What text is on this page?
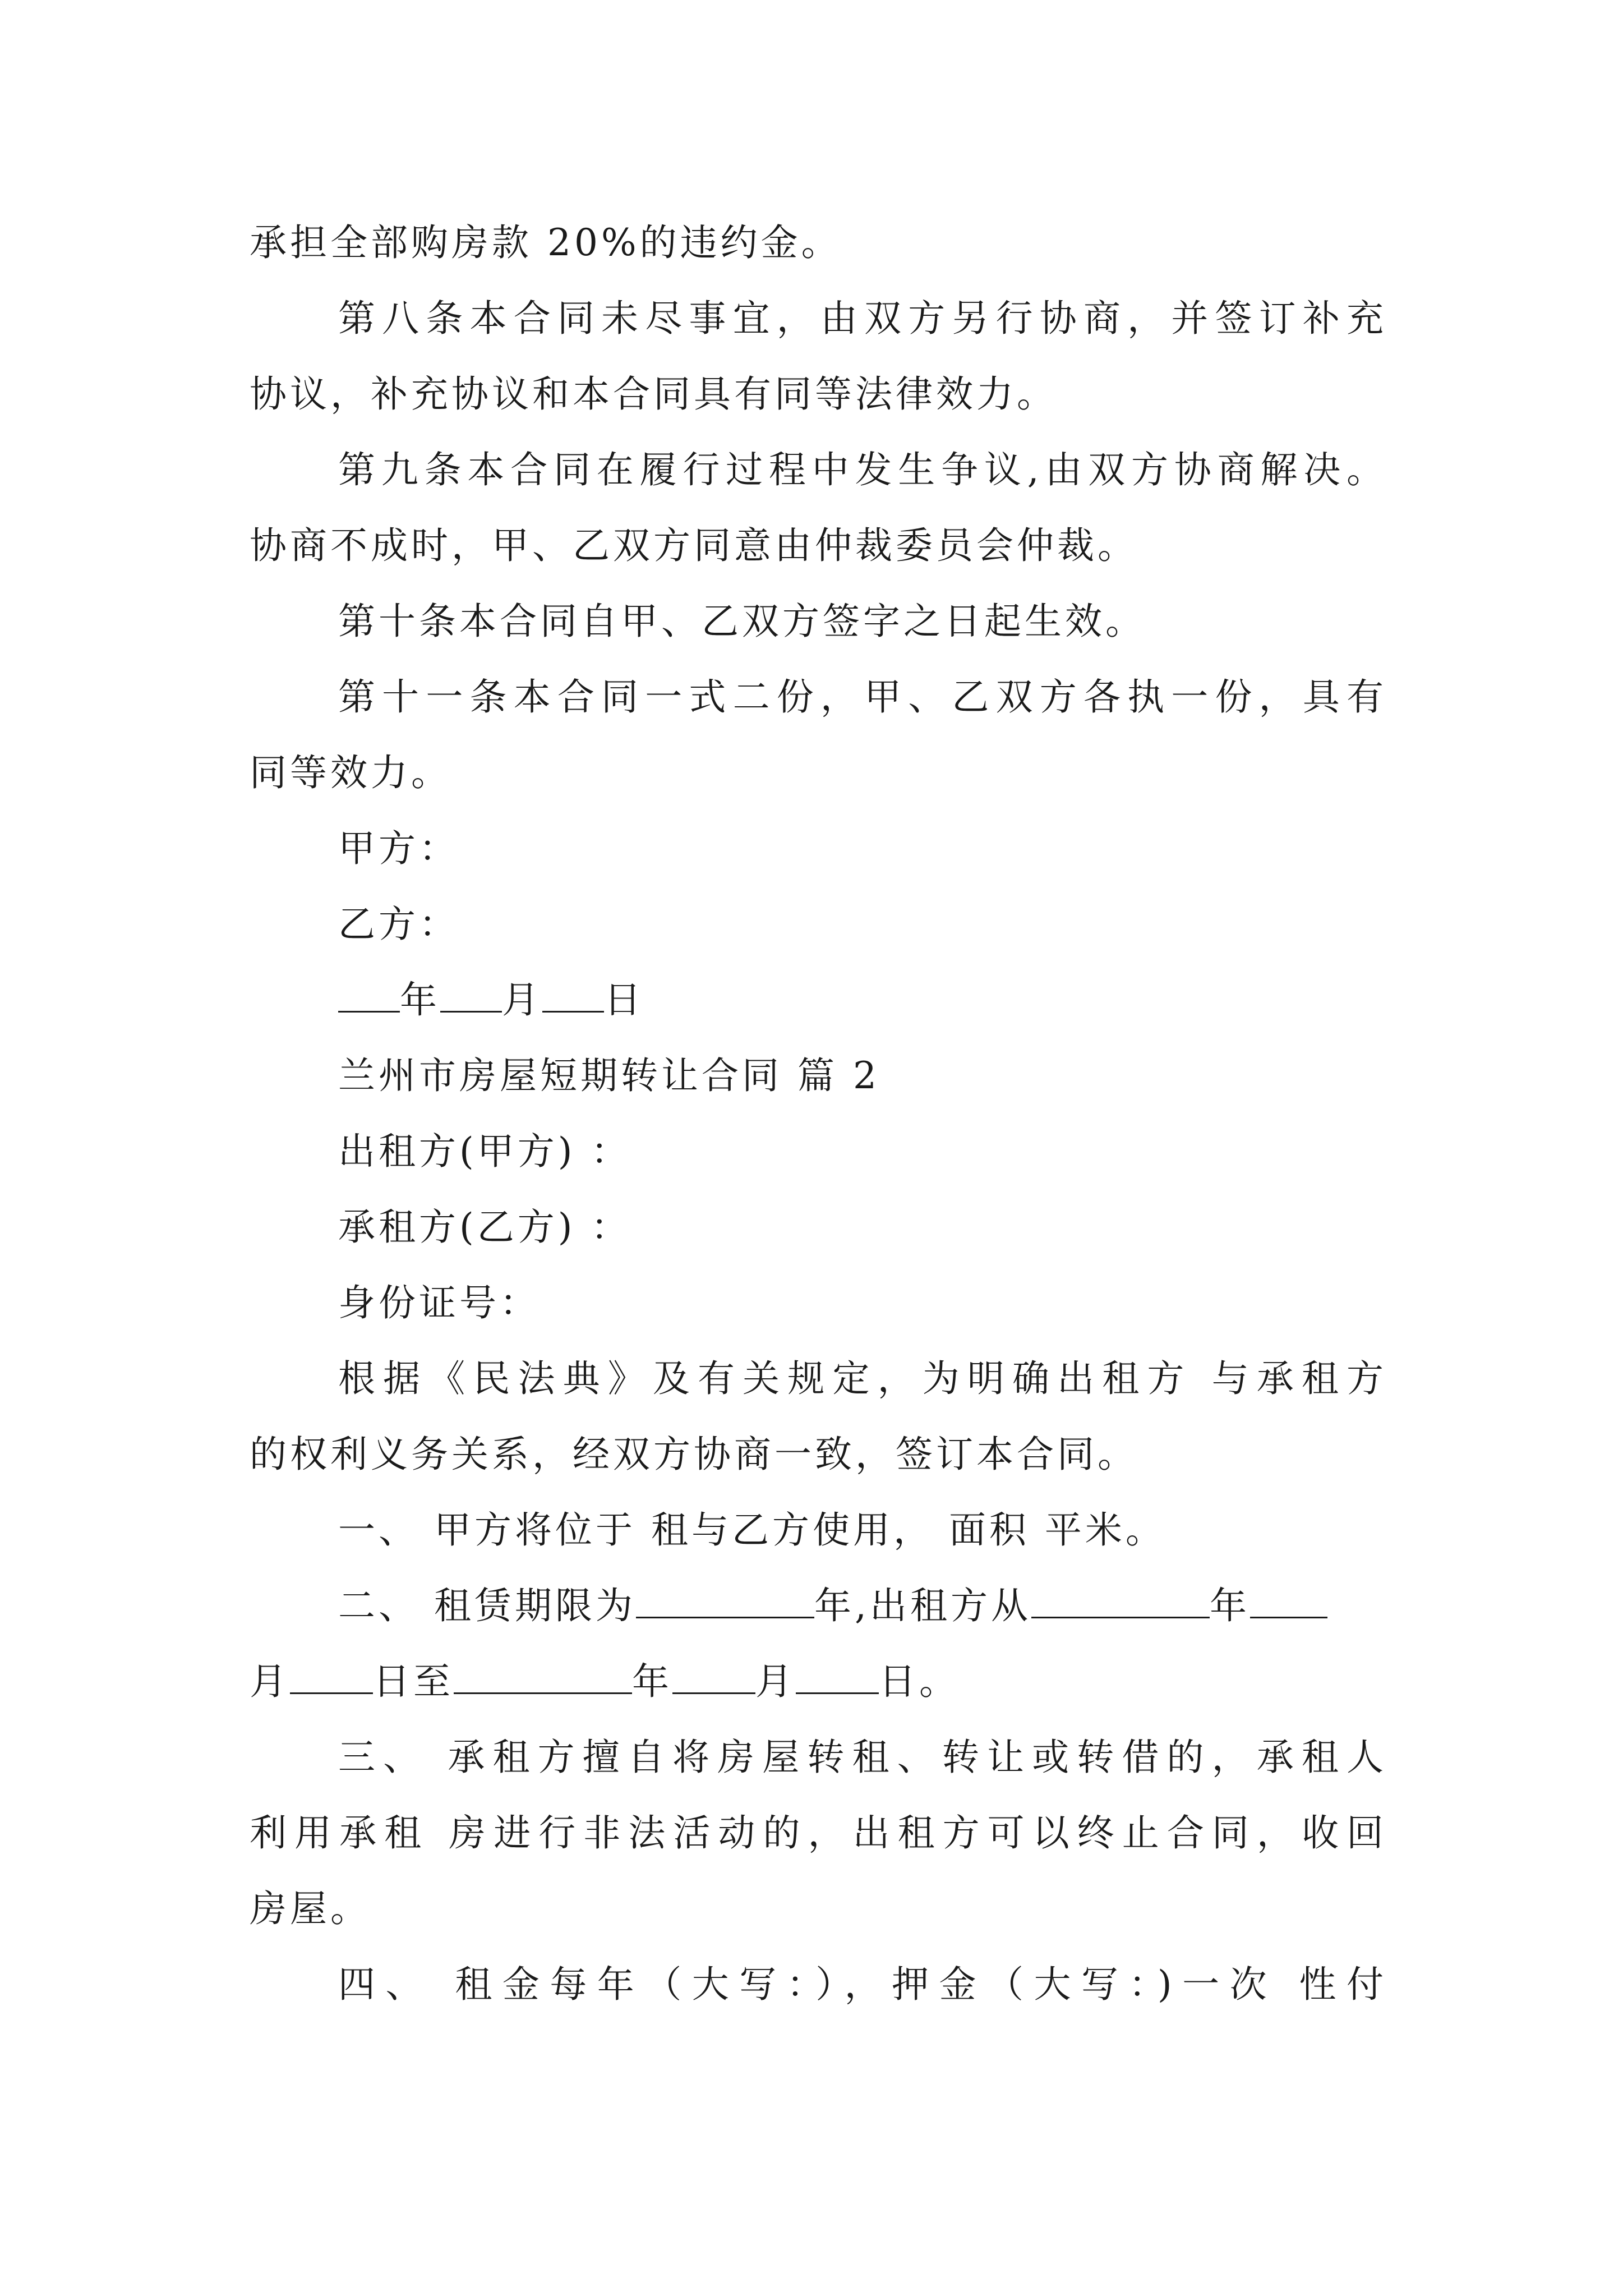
承担全部购房款 20%的违约金。
第八条本合同未尽事宜，由双方另行协商，并签订补充
协议，补充协议和本合同具有同等法律效力。
第九条本合同在履行过程中发生争议,由双方协商解决。
协商不成时，甲、乙双方同意由仲裁委员会仲裁。
第十条本合同自甲、乙双方签字之日起生效。
第十一条本合同一式二份，甲、乙双方各执一份，具有
同等效力。
甲方：
乙方：
年 月 日
兰州市房屋短期转让合同 篇 2
出租方(甲方) ：
承租方(乙方) ：
身份证号：
根据《民法典》及有关规定，为明确出租方 与承租方
的权利义务关系，经双方协商一致，签订本合同。
一、 甲方将位于 租与乙方使用， 面积 平米。
二、 租赁期限为	年,出租方从	年
月 日至	年 月 日。
三、 承租方擅自将房屋转租、转让或转借的，承租人
利用承租 房进行非法活动的，出租方可以终止合同，收回
房屋。
四、 租金每年（大写：），押金（大写：)一次 性付
